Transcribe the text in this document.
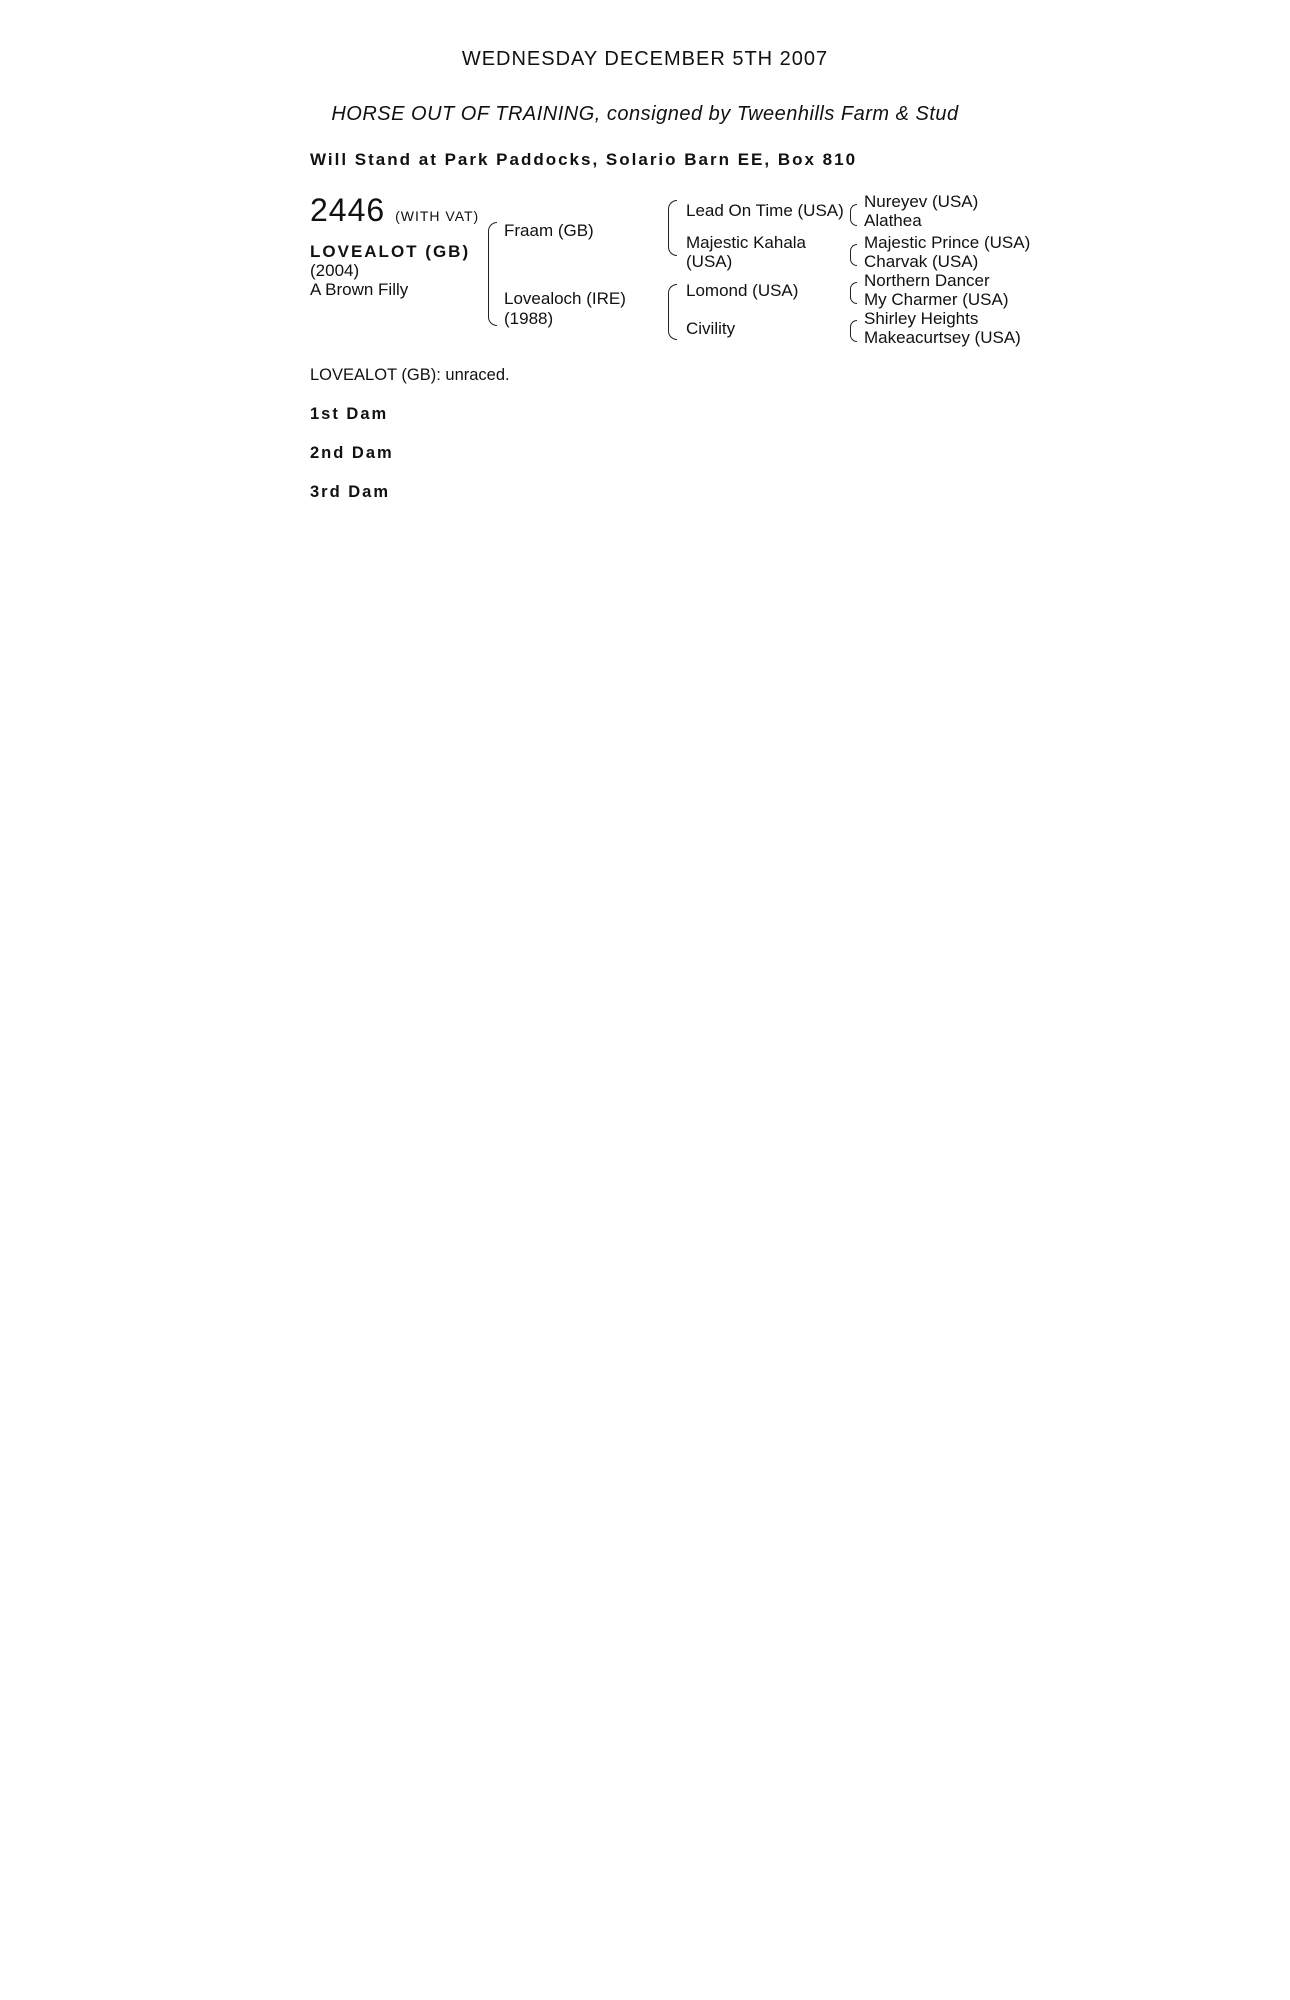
WEDNESDAY DECEMBER 5TH 2007
HORSE OUT OF TRAINING, consigned by Tweenhills Farm & Stud
Will Stand at Park Paddocks, Solario Barn EE, Box 810
2446 (WITH VAT)
LOVEALOT (GB)
(2004)
A Brown Filly
Fraam (GB)
Lovealoch (IRE)
(1988)
Lead On Time (USA)
Majestic Kahala
(USA)
Lomond (USA)
Civility
Nureyev (USA)
Alathea
Majestic Prince (USA)
Charvak (USA)
Northern Dancer
My Charmer (USA)
Shirley Heights
Makeacurtsey (USA)

LOVEALOT (GB): unraced.

1st Dam

2nd Dam

3rd Dam
